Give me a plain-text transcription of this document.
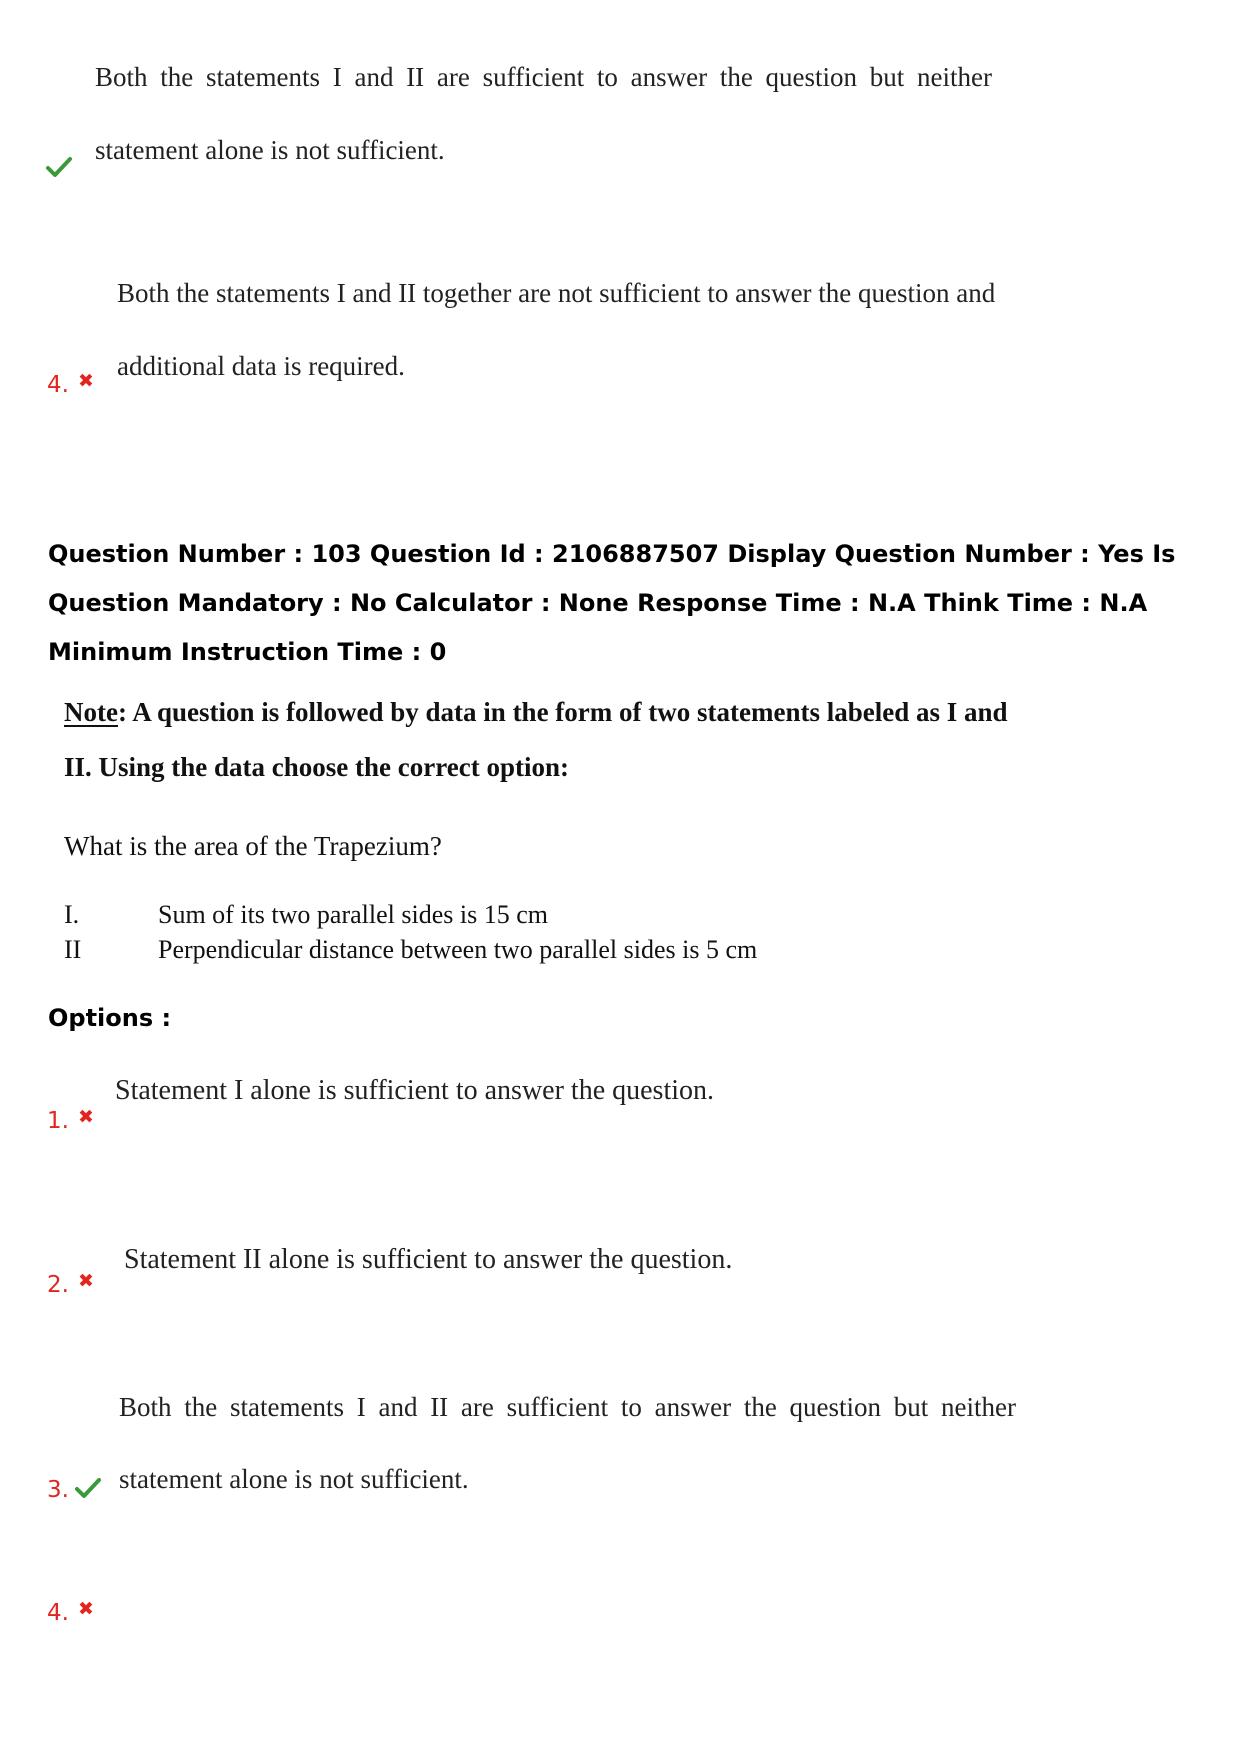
Both the statements I and II are sufficient to answer the question but neither
statement alone is not sufficient.
Both the statements I and II together are not sufficient to answer the question and
4. ✖ additional data is required.
Question Number : 103 Question Id : 2106887507 Display Question Number : Yes Is Question Mandatory : No Calculator : None Response Time : N.A Think Time : N.A Minimum Instruction Time : 0
Note: A question is followed by data in the form of two statements labeled as I and
II. Using the data choose the correct option:
What is the area of the Trapezium?
I.	Sum of its two parallel sides is 15 cm
II	Perpendicular distance between two parallel sides is 5 cm
Options :
1. ✖
Statement I alone is sufficient to answer the question.
2. ✖
Statement II alone is sufficient to answer the question.
Both the statements I and II are sufficient to answer the question but neither
3. statement alone is not sufficient.
4. ✖
